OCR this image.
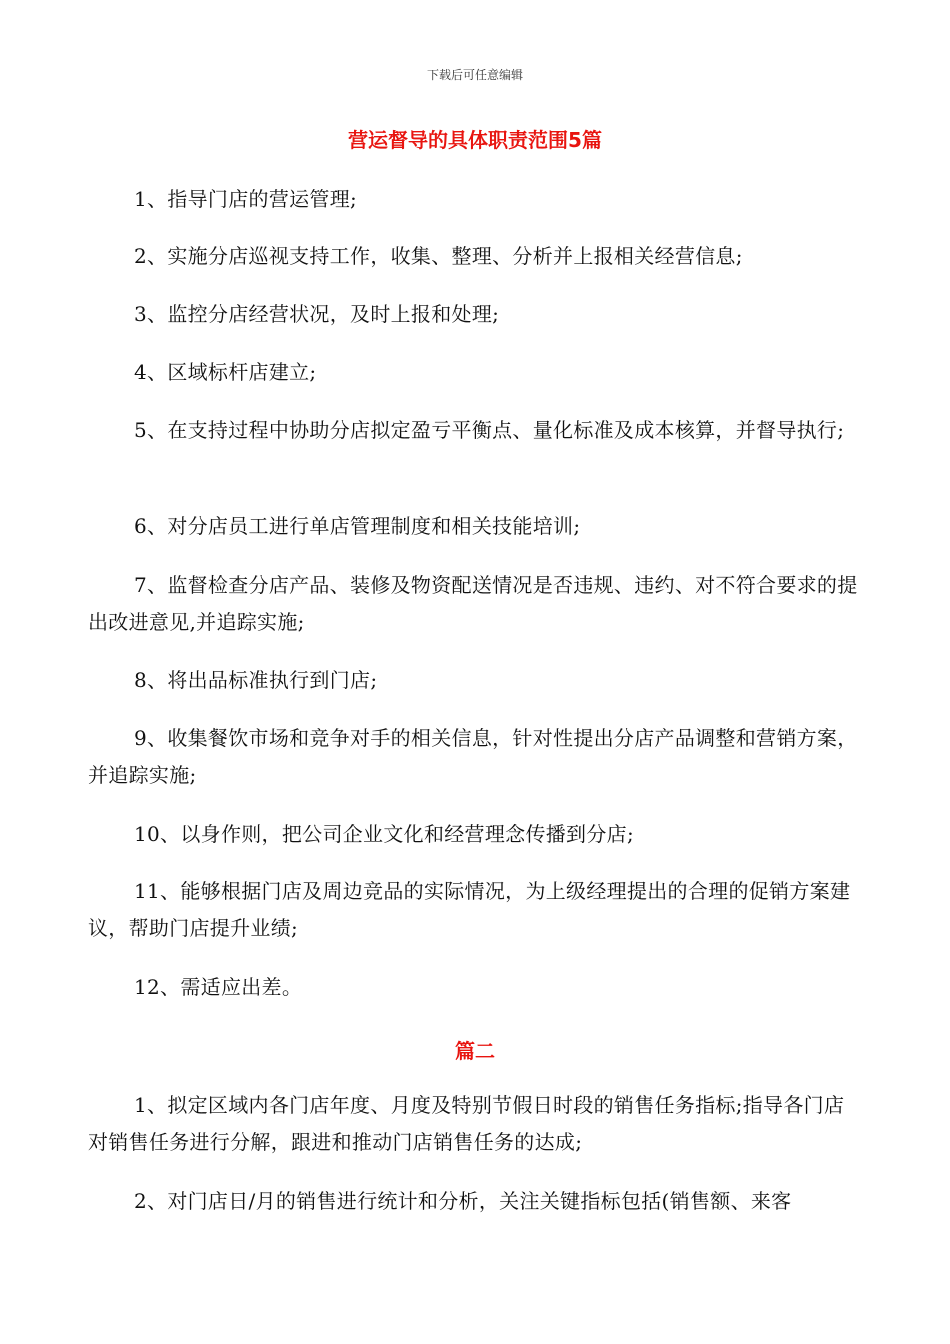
下载后可任意编辑
营运督导的具体职责范围5篇

1、指导门店的营运管理;

2、实施分店巡视支持工作，收集、整理、分析并上报相关经营信息;

3、监控分店经营状况，及时上报和处理;

4、区域标杆店建立;

5、在支持过程中协助分店拟定盈亏平衡点、量化标准及成本核算，并督导执行;

6、对分店员工进行单店管理制度和相关技能培训;

7、监督检查分店产品、装修及物资配送情况是否违规、违约、对不符合要求的提出改进意见,并追踪实施;

8、将出品标准执行到门店;

9、收集餐饮市场和竞争对手的相关信息，针对性提出分店产品调整和营销方案，并追踪实施;

10、以身作则，把公司企业文化和经营理念传播到分店;

11、能够根据门店及周边竞品的实际情况，为上级经理提出的合理的促销方案建议，帮助门店提升业绩;

12、需适应出差。

篇二

1、拟定区域内各门店年度、月度及特别节假日时段的销售任务指标;指导各门店对销售任务进行分解，跟进和推动门店销售任务的达成;

2、对门店日/月的销售进行统计和分析，关注关键指标包括(销售额、来客
